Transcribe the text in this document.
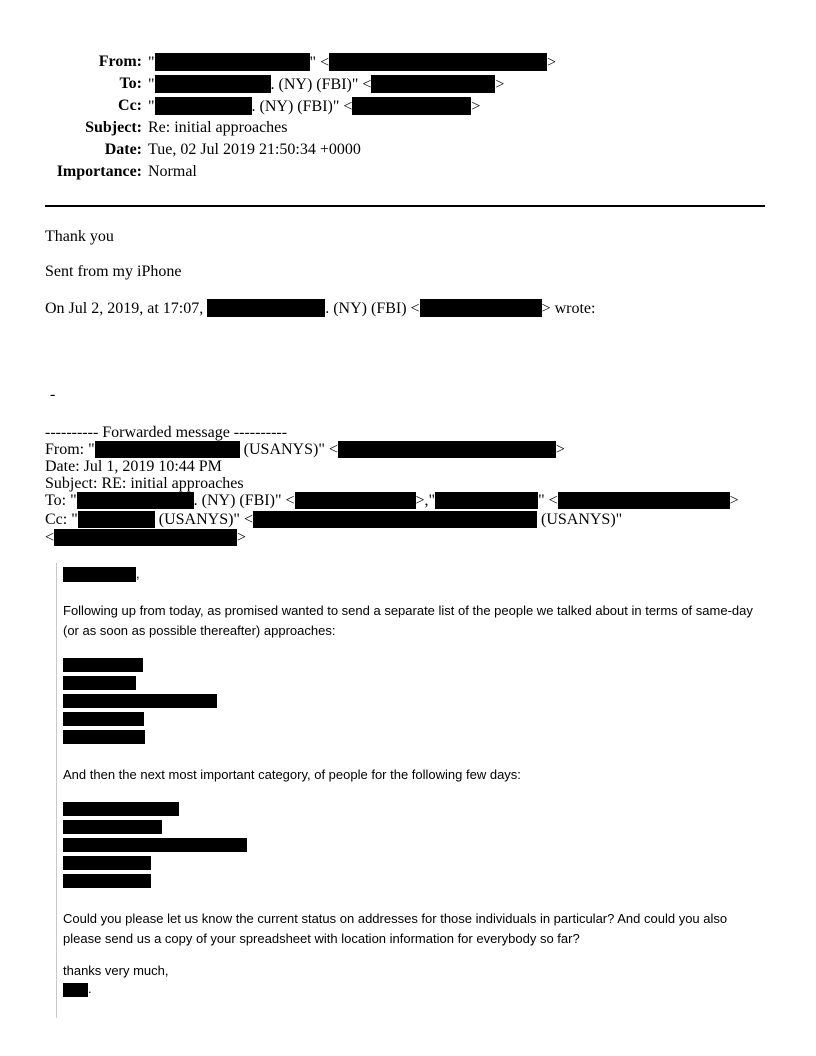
From: "	" <	>
To: "	. (NY) (FBI)" <	>
Cc: "	. (NY) (FBI)" <	>
Subject: Re: initial approaches
Date: Tue, 02 Jul 2019 21:50:34 +0000
Importance: Normal
Thank you
Sent from my iPhone
On Jul 2, 2019, at 17:07,	. (NY) (FBI) <	> wrote:
-
---------- Forwarded message ----------
From: "	(USANYS)" <	>
Date: Jul 1, 2019 10:44 PM
Subject: RE: initial approaches
To: "	. (NY) (FBI)" <	>,"	" <	>
Cc: "	(USANYS)" <	(USANYS)"
<	>
,
Following up from today, as promised wanted to send a separate list of the people we talked about in terms of same-day (or as soon as possible thereafter) approaches:
And then the next most important category, of people for the following few days:
Could you please let us know the current status on addresses for those individuals in particular? And could you also please send us a copy of your spreadsheet with location information for everybody so far?
thanks very much,
.
